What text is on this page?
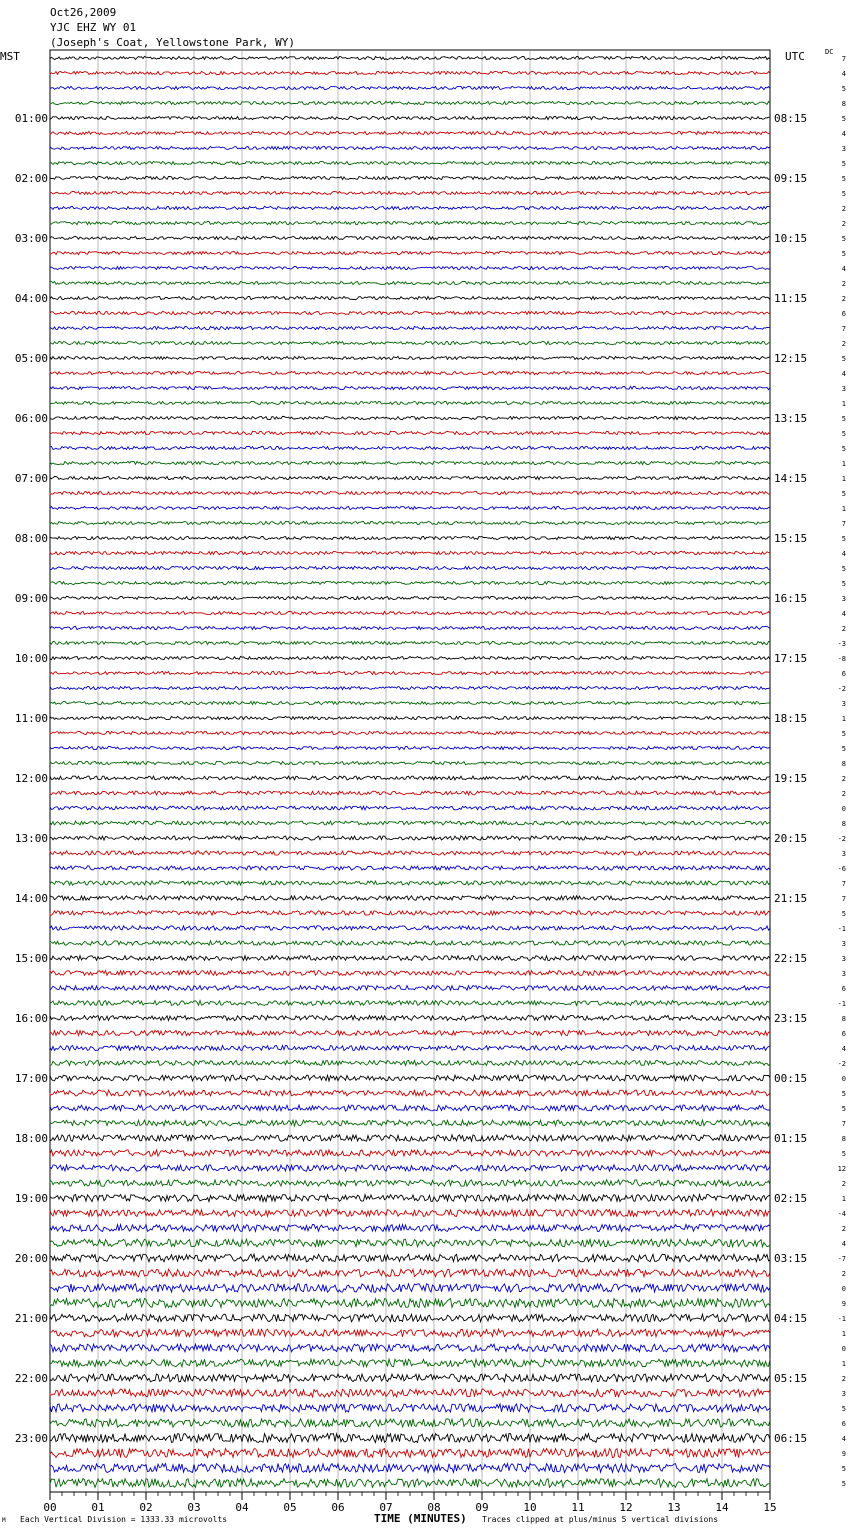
Oct26,2009
YJC EHZ WY 01
(Joseph's Coat, Yellowstone Park, WY)
MST	UTC	DC
7
4
5
8
5
4
3
5
5
5
2
2
5
5
4
2
2
6
7
2
5
4
3
1
5
5
5
1
1
5
1
7
5
4
5
5
3
4
2
-3
-8
6
-2
3
1
5
5
8
2
2
0
8
-2
3
-6
7
7
5
-1
3
3
3
6
-1
8
6
4
-2
0
5
5
7
8
5
12
2
1
-4
2
4
-7
2
0
9
-1
1
0
1
2
3
5
6
4
9
5
5
01:00	08:15
02:00	09:15
03:00	10:15
04:00	11:15
05:00	12:15
06:00	13:15
07:00	14:15
08:00	15:15
09:00	16:15
10:00	17:15
11:00	18:15
12:00	19:15
13:00	20:15
14:00	21:15
15:00	22:15
16:00	23:15
17:00	00:15
18:00	01:15
19:00	02:15
20:00	03:15
21:00	04:15
22:00	05:15
23:00	06:15
00	01	02	03	04	05	06	07	08	09	10	11	12	13	14	15
M Each Vertical Division = 1333.33 microvolts	TIME (MINUTES) Traces clipped at plus/minus 5 vertical divisions
